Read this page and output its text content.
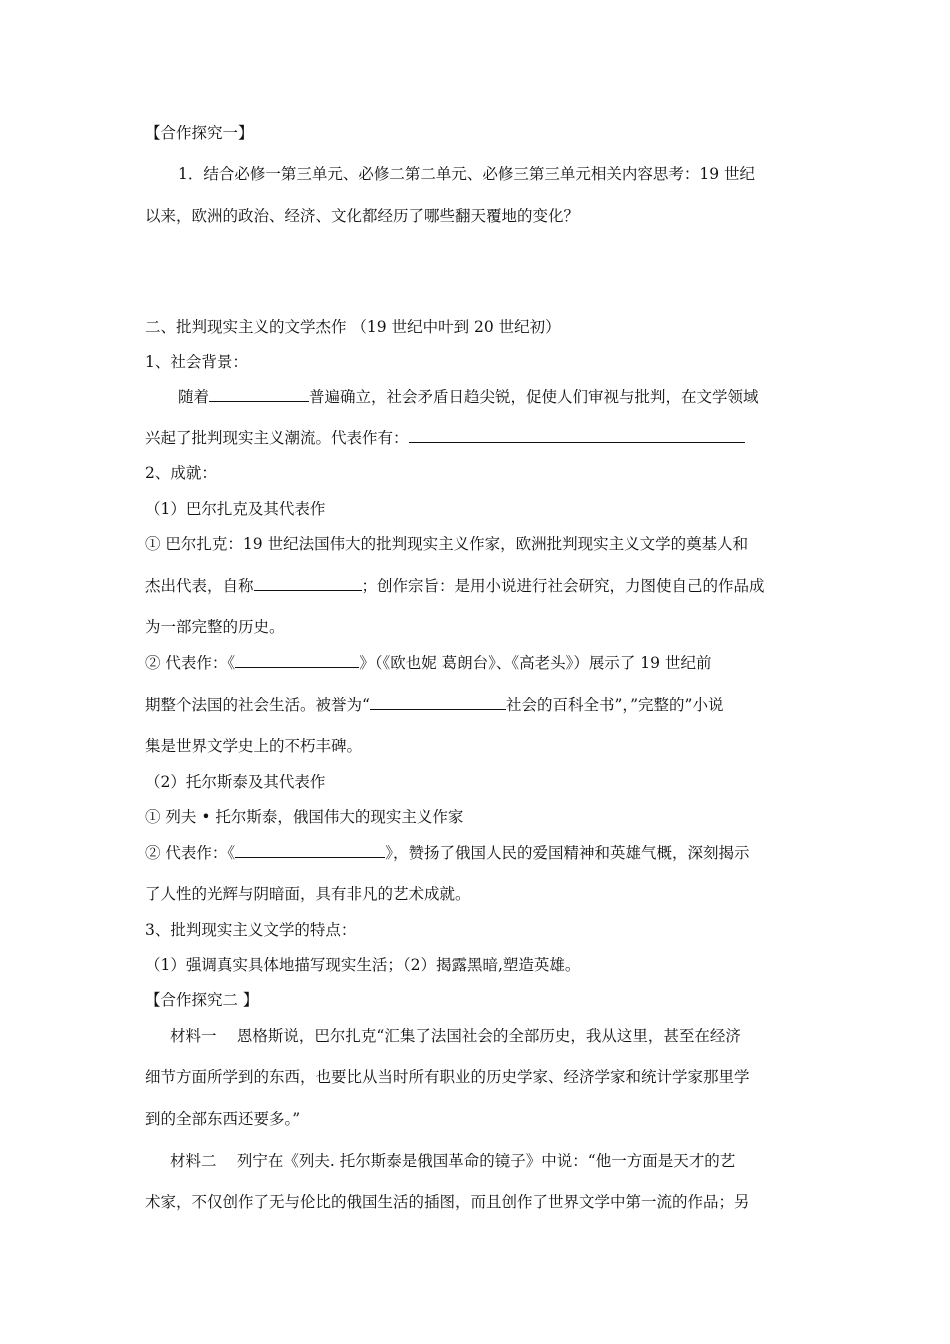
【合作探究一】
1．结合必修一第三单元、必修二第二单元、必修三第三单元相关内容思考：19 世纪
以来，欧洲的政治、经济、文化都经历了哪些翻天覆地的变化？
二、批判现实主义的文学杰作 （19 世纪中叶到 20 世纪初）
1、社会背景：
随着	普遍确立，社会矛盾日趋尖锐，促使人们审视与批判，在文学领域
兴起了批判现实主义潮流。代表作有：
2、成就：
（1）巴尔扎克及其代表作
① 巴尔扎克：19 世纪法国伟大的批判现实主义作家，欧洲批判现实主义文学的奠基人和
杰出代表，自称	；创作宗旨：是用小说进行社会研究，力图使自己的作品成
为一部完整的历史。
② 代表作：《	》（《欧也妮 葛朗台》、《高老头》）展示了 19 世纪前
期整个法国的社会生活。被誉为“	社会的百科全书”，”完整的”小说
集是世界文学史上的不朽丰碑。
（2）托尔斯泰及其代表作
① 列夫 • 托尔斯泰，俄国伟大的现实主义作家
② 代表作：《	》，赞扬了俄国人民的爱国精神和英雄气概，深刻揭示
了人性的光辉与阴暗面，具有非凡的艺术成就。
3、批判现实主义文学的特点：
（1）强调真实具体地描写现实生活；（2）揭露黑暗,塑造英雄。
【合作探究二 】
材料一　 恩格斯说，巴尔扎克“汇集了法国社会的全部历史，我从这里，甚至在经济
细节方面所学到的东西，也要比从当时所有职业的历史学家、经济学家和统计学家那里学
到的全部东西还要多。”
材料二　 列宁在《列夫. 托尔斯泰是俄国革命的镜子》中说：“他一方面是天才的艺
术家，不仅创作了无与伦比的俄国生活的插图，而且创作了世界文学中第一流的作品；另
